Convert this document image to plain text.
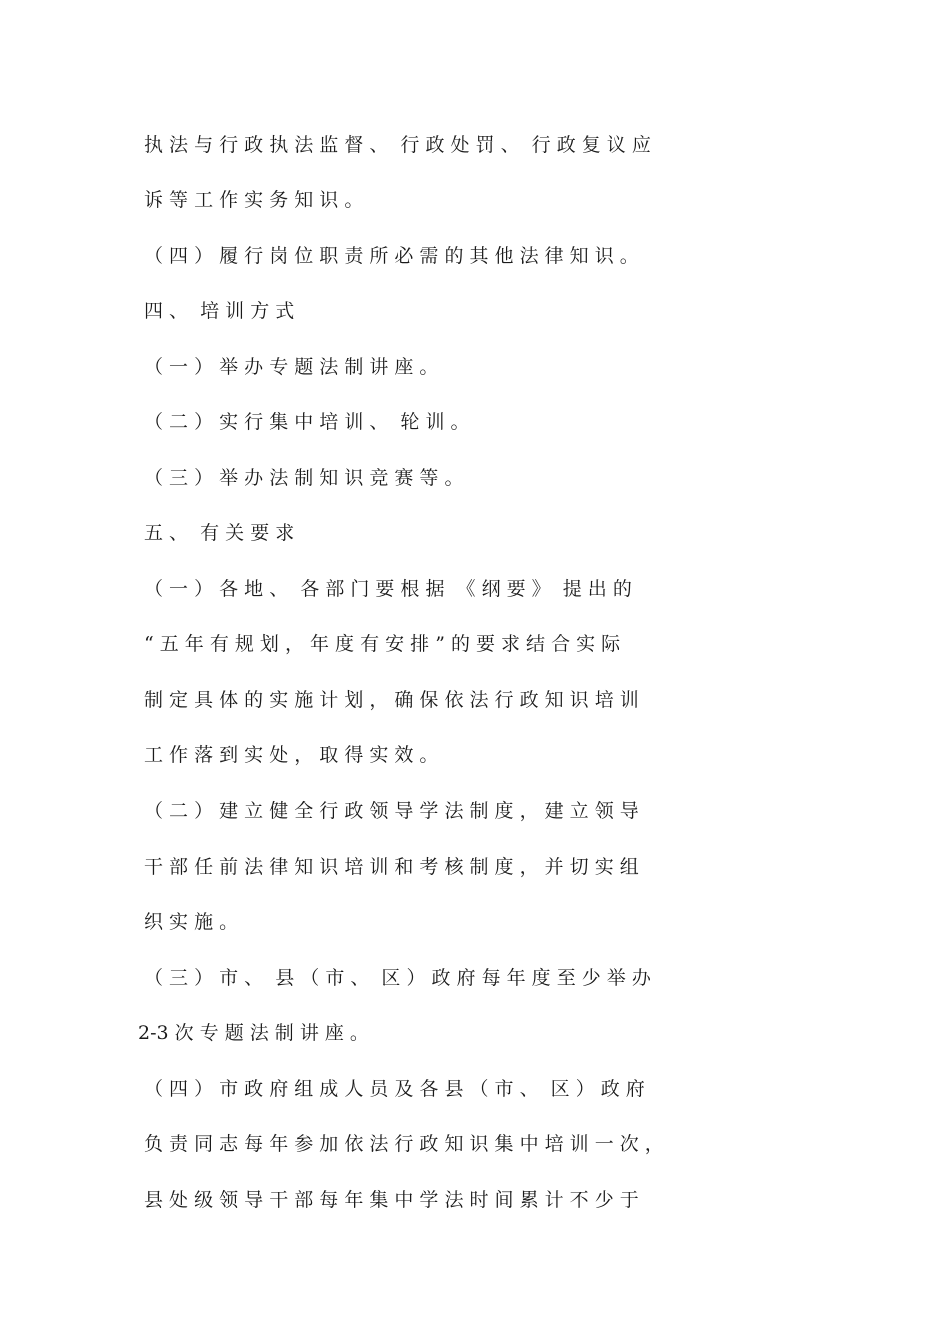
执 法 与 行 政 执 法 监 督 、  行 政 处 罚 、  行 政 复 议 应
诉 等 工 作 实 务 知 识 。
（ 四 ） 履 行 岗 位 职 责 所 必 需 的 其 他 法 律 知 识 。
四 、  培 训 方 式
（ 一 ） 举 办 专 题 法 制 讲 座 。
（ 二 ） 实 行 集 中 培 训 、  轮 训 。
（ 三 ） 举 办 法 制 知 识 竞 赛 等 。
五 、  有 关 要 求
（ 一 ） 各 地 、  各 部 门 要 根 据  《 纲 要 》  提 出 的
“ 五 年 有 规 划 ， 年 度 有 安 排 ” 的 要 求 结 合 实 际
制 定 具 体 的 实 施 计 划 ， 确 保 依 法 行 政 知 识 培 训
工 作 落 到 实 处 ， 取 得 实 效 。
（ 二 ） 建 立 健 全 行 政 领 导 学 法 制 度 ， 建 立 领 导
干 部 任 前 法 律 知 识 培 训 和 考 核 制 度 ， 并 切 实 组
织 实 施 。
（ 三 ） 市 、  县 （ 市 、  区 ） 政 府 每 年 度 至 少 举 办
2-3 次 专 题 法 制 讲 座 。
（ 四 ） 市 政 府 组 成 人 员 及 各 县 （ 市 、  区 ） 政 府
负 责 同 志 每 年 参 加 依 法 行 政 知 识 集 中 培 训 一 次 ，
县 处 级 领 导 干 部 每 年 集 中 学 法 时 间 累 计 不 少 于
